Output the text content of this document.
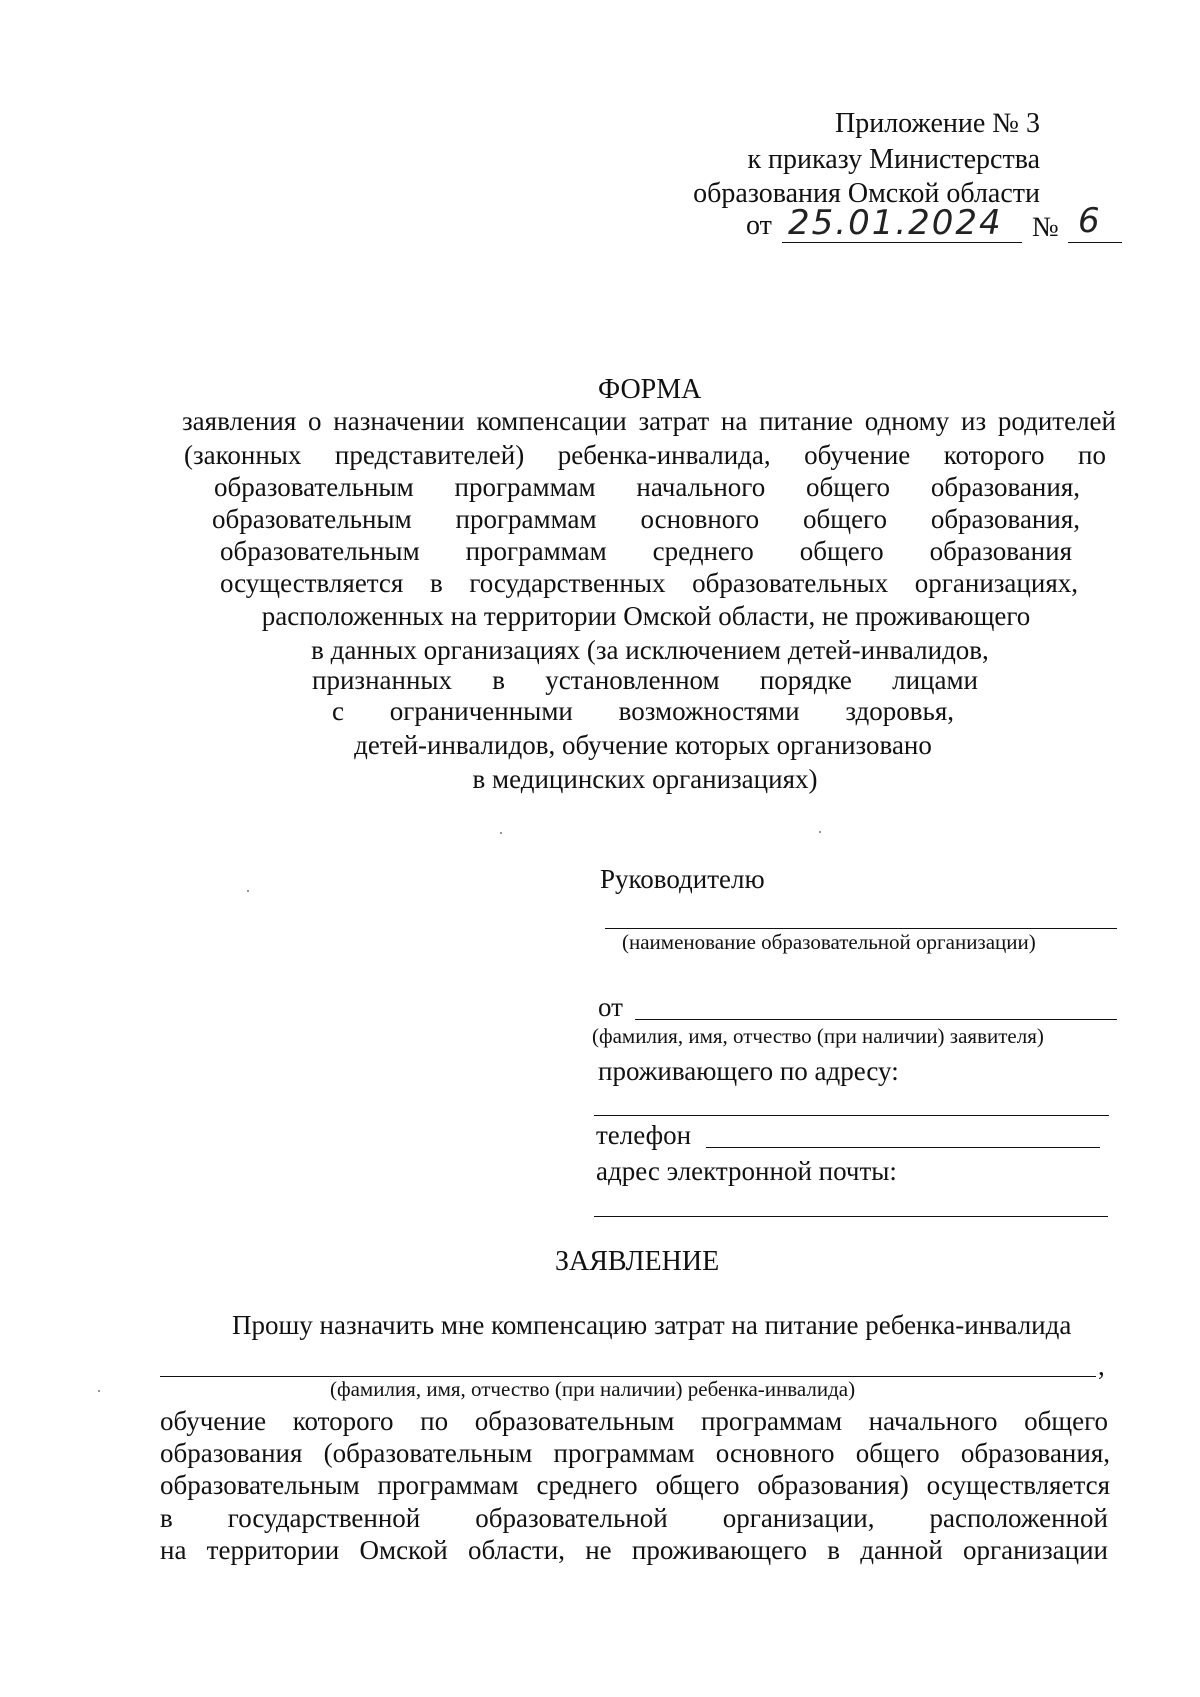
Приложение № 3
к приказу Министерства
образования Омской области
от 25.01.2024 № 6
ФОРМА
заявления о назначении компенсации затрат на питание одному из родителей
(законных представителей) ребенка-инвалида, обучение которого по
образовательным программам начального общего образования,
образовательным программам основного общего образования,
образовательным программам среднего общего образования
осуществляется в государственных образовательных организациях,
расположенных на территории Омской области, не проживающего
в данных организациях (за исключением детей-инвалидов,
признанных в установленном порядке лицами
с ограниченными возможностями здоровья,
детей-инвалидов, обучение которых организовано
в медицинских организациях)
Руководителю
(наименование образовательной организации)
от
(фамилия, имя, отчество (при наличии) заявителя)
проживающего по адресу:
телефон
адрес электронной почты:
ЗАЯВЛЕНИЕ
Прошу назначить мне компенсацию затрат на питание ребенка-инвалида
,
(фамилия, имя, отчество (при наличии) ребенка-инвалида)
обучение которого по образовательным программам начального общего
образования (образовательным программам основного общего образования,
образовательным программам среднего общего образования) осуществляется
в государственной образовательной организации, расположенной
на территории Омской области, не проживающего в данной организации
